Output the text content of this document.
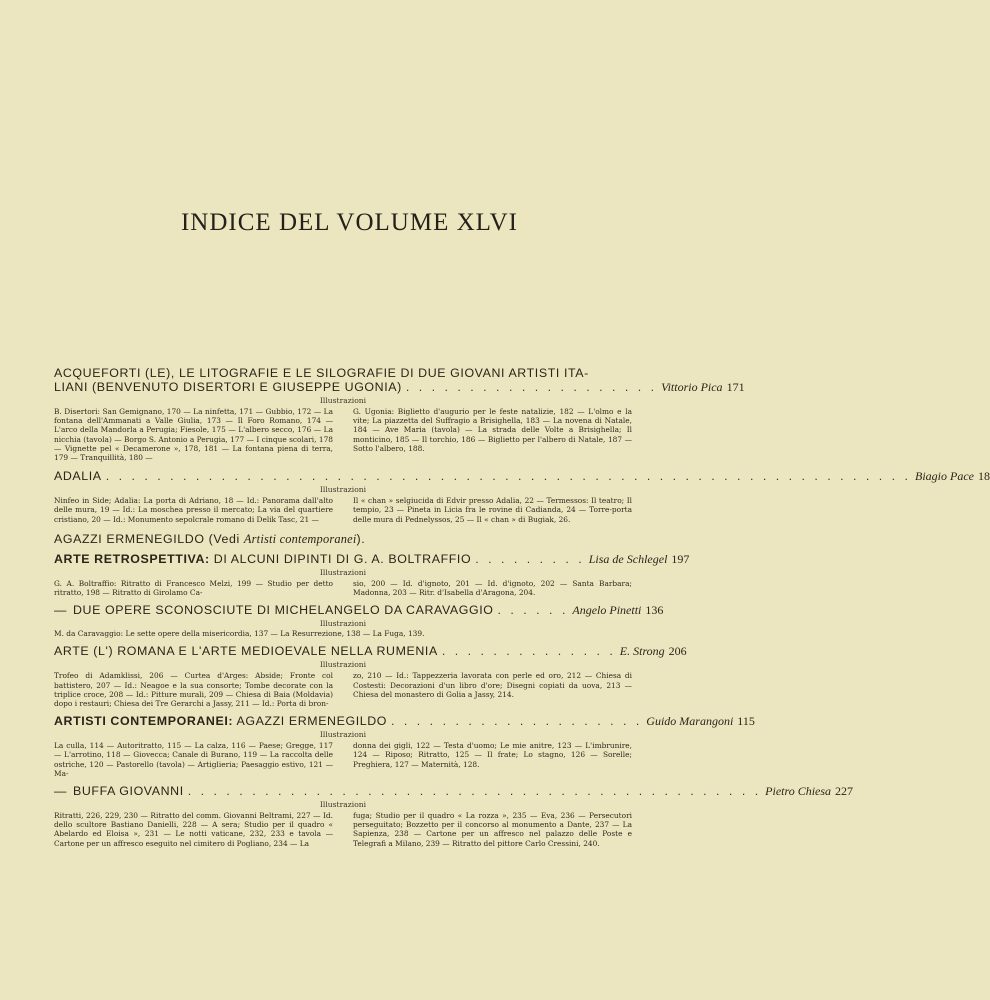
INDICE DEL VOLUME XLVI
ACQUEFORTI (LE), LE LITOGRAFIE E LE SILOGRAFIE DI DUE GIOVANI ARTISTI ITA-
LIANI (BENVENUTO DISERTORI E GIUSEPPE UGONIA) . . . . . . . . . . . . . . . . . . . . Vittorio Pica 171
Illustrazioni
B. Disertori: San Gemignano, 170 — La ninfetta, 171 — Gubbio, 172 — La fontana dell'Ammanati a Valle Giulia, 173 — Il Foro Romano, 174 — L'arco della Mandorla a Perugia; Fiesole, 175 — L'albero secco, 176 — La nicchia (tavola) — Borgo S. Antonio a Perugia, 177 — I cinque scolari, 178 — Vignette pel « Decamerone », 178, 181 — La fontana piena di terra, 179 — Tranquillità, 180 —
G. Ugonia: Biglietto d'augurio per le feste natalizie, 182 — L'olmo e la vite; La piazzetta del Suffragio a Brisighella, 183 — La novena di Natale, 184 — Ave Maria (tavola) — La strada delle Volte a Brisighella; Il monticino, 185 — Il torchio, 186 — Biglietto per l'albero di Natale, 187 — Sotto l'albero, 188.
ADALIA . . . . . . . . . . . . . . . . . . . . . . . . . . . . . . . . . . . . . . . . . . . . . . . . . . . . . . . . . . . . . . . Biagio Pace 18
Illustrazioni
Ninfeo in Side; Adalia: La porta di Adriano, 18 — Id.: Panorama dall'alto delle mura, 19 — Id.: La moschea presso il mercato; La via del quartiere cristiano, 20 — Id.: Monumento sepolcrale romano di Delik Tasc, 21 —
Il « chan » selgiucida di Edvir presso Adalia, 22 — Termessos: Il teatro; Il tempio, 23 — Pineta in Licia fra le rovine di Cadianda, 24 — Torre-porta delle mura di Pednelyssos, 25 — Il « chan » di Bugiak, 26.
AGAZZI ERMENEGILDO (Vedi Artisti contemporanei).
ARTE RETROSPETTIVA: DI ALCUNI DIPINTI DI G. A. BOLTRAFFIO . . . . . . . . . Lisa de Schlegel 197
Illustrazioni
G. A. Boltraffio: Ritratto di Francesco Melzi, 199 — Studio per detto ritratto, 198 — Ritratto di Girolamo Ca-
sio, 200 — Id. d'ignoto, 201 — Id. d'ignoto, 202 — Santa Barbara; Madonna, 203 — Ritr. d'Isabella d'Aragona, 204.
— DUE OPERE SCONOSCIUTE DI MICHELANGELO DA CARAVAGGIO . . . . . . Angelo Pinetti 136
Illustrazioni
M. da Caravaggio: Le sette opere della misericordia, 137 — La Resurrezione, 138 — La Fuga, 139.
ARTE (L') ROMANA E L'ARTE MEDIOEVALE NELLA RUMENIA . . . . . . . . . . . . . . E. Strong 206
Illustrazioni
Trofeo di Adamklissi, 206 — Curtea d'Arges: Abside; Fronte col battistero, 207 — Id.: Neagoe e la sua consorte; Tombe decorate con la triplice croce, 208 — Id.: Pitture murali, 209 — Chiesa di Baia (Moldavia) dopo i restauri; Chiesa dei Tre Gerarchi a Jassy, 211 — Id.: Porta di bron-
zo, 210 — Id.: Tappezzeria lavorata con perle ed oro, 212 — Chiesa di Costesti: Decorazioni d'un libro d'ore; Disegni copiati da uova, 213 — Chiesa del monastero di Golia a Jassy, 214.
ARTISTI CONTEMPORANEI: AGAZZI ERMENEGILDO . . . . . . . . . . . . . . . . . . . . Guido Marangoni 115
Illustrazioni
La culla, 114 — Autoritratto, 115 — La calza, 116 — Paese; Gregge, 117 — L'arrotino, 118 — Giovecca; Canale di Burano, 119 — La raccolta delle ostriche, 120 — Pastorello (tavola) — Artiglieria; Paesaggio estivo, 121 — Ma-
donna dei gigli, 122 — Testa d'uomo; Le mie anitre, 123 — L'imbrunire, 124 — Riposo; Ritratto, 125 — Il frate; Lo stagno, 126 — Sorelle; Preghiera, 127 — Maternità, 128.
— BUFFA GIOVANNI . . . . . . . . . . . . . . . . . . . . . . . . . . . . . . . . . . . . . . . . . . . . . Pietro Chiesa 227
Illustrazioni
Ritratti, 226, 229, 230 — Ritratto del comm. Giovanni Beltrami, 227 — Id. dello scultore Bastiano Danielli, 228 — A sera; Studio per il quadro « Abelardo ed Eloisa », 231 — Le notti vaticane, 232, 233 e tavola — Cartone per un affresco eseguito nel cimitero di Pogliano, 234 — La
fuga; Studio per il quadro « La rozza », 235 — Eva, 236 — Persecutori perseguitato; Bozzetto per il concorso al monumento a Dante, 237 — La Sapienza, 238 — Cartone per un affresco nel palazzo delle Poste e Telegrafi a Milano, 239 — Ritratto del pittore Carlo Cressini, 240.
